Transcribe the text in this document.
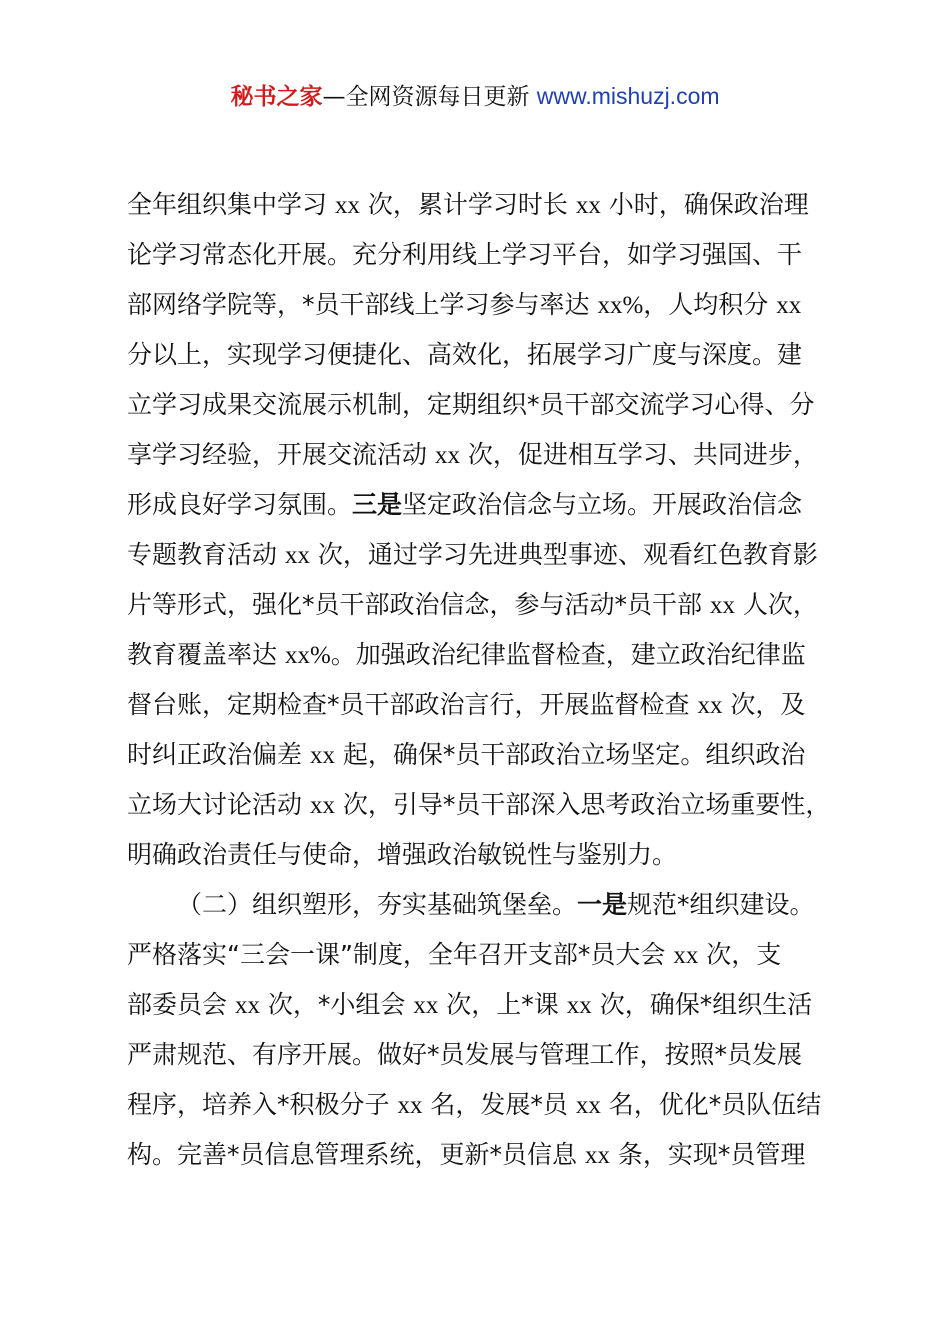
秘书之家—全网资源每日更新 www.mishuzj.com
全年组织集中学习 xx 次，累计学习时长 xx 小时，确保政治理
论学习常态化开展。充分利用线上学习平台，如学习强国、干
部网络学院等，*员干部线上学习参与率达 xx%，人均积分 xx
分以上，实现学习便捷化、高效化，拓展学习广度与深度。建
立学习成果交流展示机制，定期组织*员干部交流学习心得、分
享学习经验，开展交流活动 xx 次，促进相互学习、共同进步，
形成良好学习氛围。三是坚定政治信念与立场。开展政治信念
专题教育活动 xx 次，通过学习先进典型事迹、观看红色教育影
片等形式，强化*员干部政治信念，参与活动*员干部 xx 人次，
教育覆盖率达 xx%。加强政治纪律监督检查，建立政治纪律监
督台账，定期检查*员干部政治言行，开展监督检查 xx 次，及
时纠正政治偏差 xx 起，确保*员干部政治立场坚定。组织政治
立场大讨论活动 xx 次，引导*员干部深入思考政治立场重要性，
明确政治责任与使命，增强政治敏锐性与鉴别力。
（二）组织塑形，夯实基础筑堡垒。一是规范*组织建设。
严格落实“三会一课”制度，全年召开支部*员大会 xx 次，支
部委员会 xx 次，*小组会 xx 次，上*课 xx 次，确保*组织生活
严肃规范、有序开展。做好*员发展与管理工作，按照*员发展
程序，培养入*积极分子 xx 名，发展*员 xx 名，优化*员队伍结
构。完善*员信息管理系统，更新*员信息 xx 条，实现*员管理
